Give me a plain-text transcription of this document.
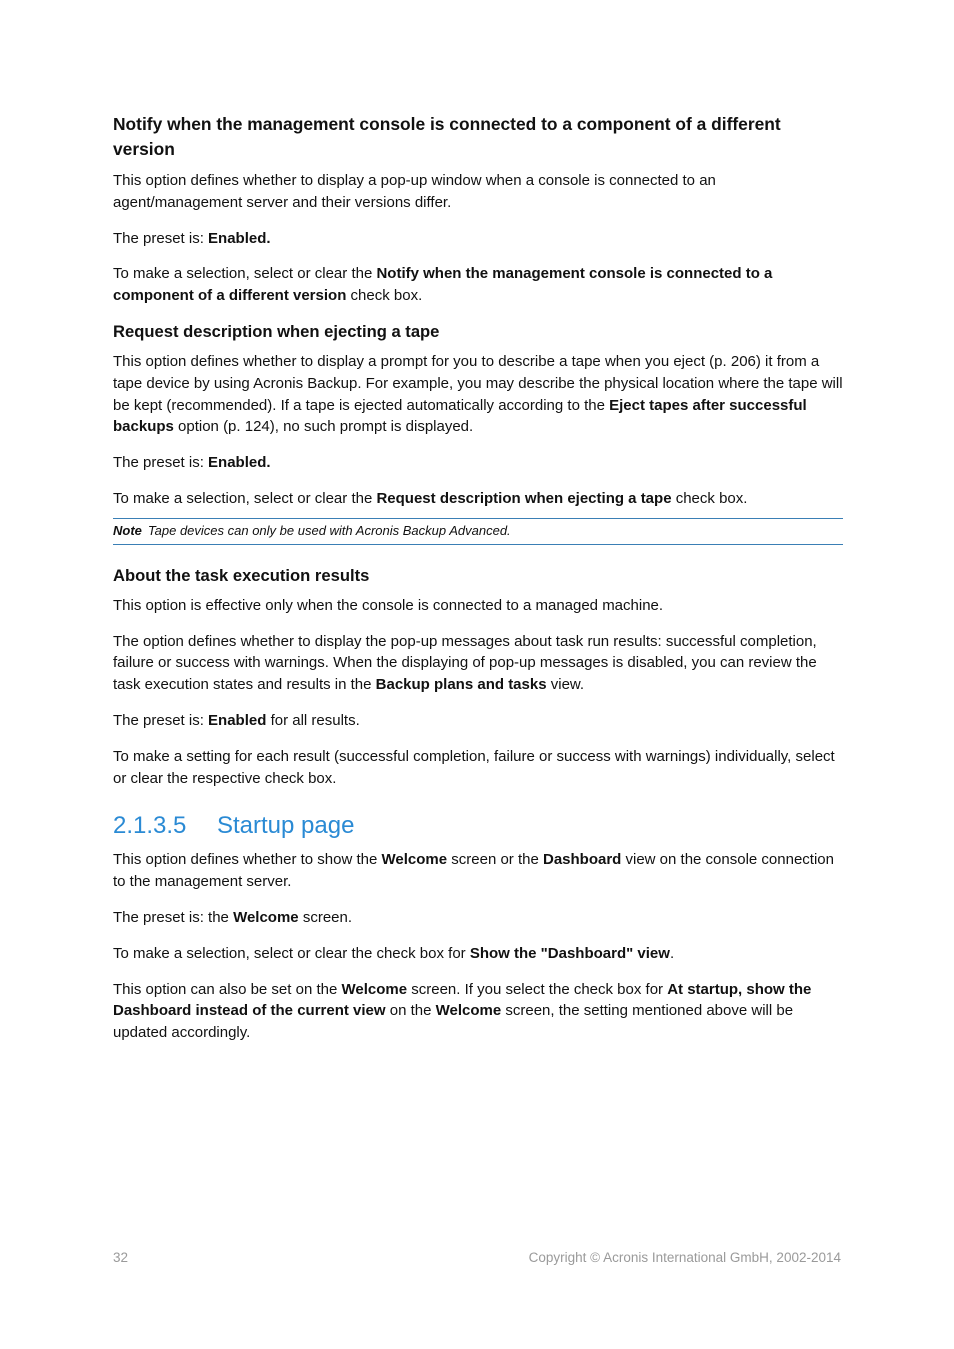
Notify when the management console is connected to a component of a different version

This option defines whether to display a pop-up window when a console is connected to an agent/management server and their versions differ.

The preset is: Enabled.

To make a selection, select or clear the Notify when the management console is connected to a component of a different version check box.

Request description when ejecting a tape

This option defines whether to display a prompt for you to describe a tape when you eject (p. 206) it from a tape device by using Acronis Backup. For example, you may describe the physical location where the tape will be kept (recommended). If a tape is ejected automatically according to the Eject tapes after successful backups option (p. 124), no such prompt is displayed.

The preset is: Enabled.

To make a selection, select or clear the Request description when ejecting a tape check box.

Note Tape devices can only be used with Acronis Backup Advanced.
About the task execution results

This option is effective only when the console is connected to a managed machine.

The option defines whether to display the pop-up messages about task run results: successful completion, failure or success with warnings. When the displaying of pop-up messages is disabled, you can review the task execution states and results in the Backup plans and tasks view.

The preset is: Enabled for all results.

To make a setting for each result (successful completion, failure or success with warnings) individually, select or clear the respective check box.

2.1.3.5 Startup page

This option defines whether to show the Welcome screen or the Dashboard view on the console connection to the management server.

The preset is: the Welcome screen.

To make a selection, select or clear the check box for Show the "Dashboard" view.

This option can also be set on the Welcome screen. If you select the check box for At startup, show the Dashboard instead of the current view on the Welcome screen, the setting mentioned above will be updated accordingly.

32	Copyright © Acronis International GmbH, 2002-2014
